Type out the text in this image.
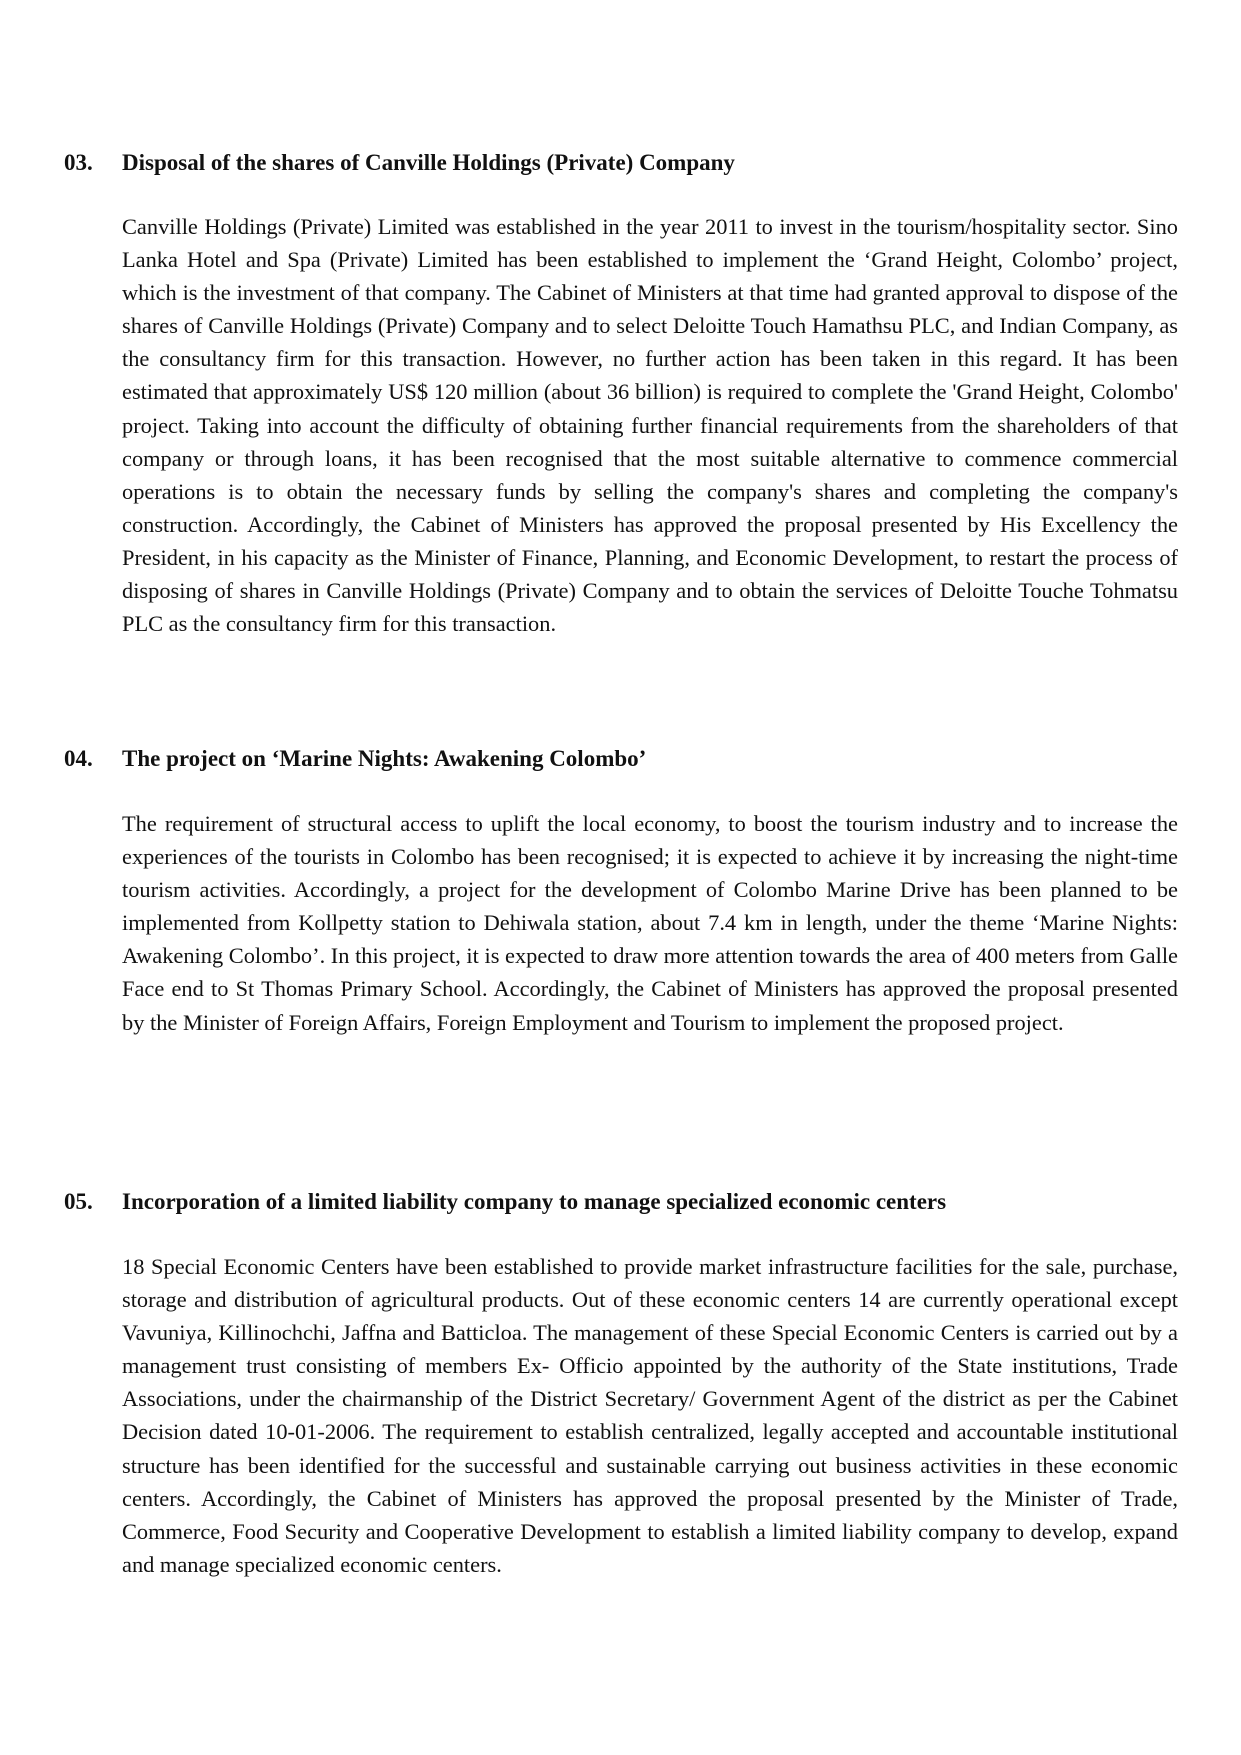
03.	Disposal of the shares of Canville Holdings (Private) Company

Canville Holdings (Private) Limited was established in the year 2011 to invest in the tourism/hospitality sector. Sino Lanka Hotel and Spa (Private) Limited has been established to implement the ‘Grand Height, Colombo’ project, which is the investment of that company. The Cabinet of Ministers at that time had granted approval to dispose of the shares of Canville Holdings (Private) Company and to select Deloitte Touch Hamathsu PLC, and Indian Company, as the consultancy firm for this transaction. However, no further action has been taken in this regard. It has been estimated that approximately US$ 120 million (about 36 billion) is required to complete the 'Grand Height, Colombo' project. Taking into account the difficulty of obtaining further financial requirements from the shareholders of that company or through loans, it has been recognised that the most suitable alternative to commence commercial operations is to obtain the necessary funds by selling the company's shares and completing the company's construction. Accordingly, the Cabinet of Ministers has approved the proposal presented by His Excellency the President, in his capacity as the Minister of Finance, Planning, and Economic Development, to restart the process of disposing of shares in Canville Holdings (Private) Company and to obtain the services of Deloitte Touche Tohmatsu PLC as the consultancy firm for this transaction.

04.	The project on ‘Marine Nights: Awakening Colombo’

The requirement of structural access to uplift the local economy, to boost the tourism industry and to increase the experiences of the tourists in Colombo has been recognised; it is expected to achieve it by increasing the night-time tourism activities. Accordingly, a project for the development of Colombo Marine Drive has been planned to be implemented from Kollpetty station to Dehiwala station, about 7.4 km in length, under the theme ‘Marine Nights: Awakening Colombo’. In this project, it is expected to draw more attention towards the area of 400 meters from Galle Face end to St Thomas Primary School. Accordingly, the Cabinet of Ministers has approved the proposal presented by the Minister of Foreign Affairs, Foreign Employment and Tourism to implement the proposed project.

05.	Incorporation of a limited liability company to manage specialized economic centers

18 Special Economic Centers have been established to provide market infrastructure facilities for the sale, purchase, storage and distribution of agricultural products. Out of these economic centers 14 are currently operational except Vavuniya, Killinochchi, Jaffna and Batticloa. The management of these Special Economic Centers is carried out by a management trust consisting of members Ex- Officio appointed by the authority of the State institutions, Trade Associations, under the chairmanship of the District Secretary/ Government Agent of the district as per the Cabinet Decision dated 10-01-2006. The requirement to establish centralized, legally accepted and accountable institutional structure has been identified for the successful and sustainable carrying out business activities in these economic centers. Accordingly, the Cabinet of Ministers has approved the proposal presented by the Minister of Trade, Commerce, Food Security and Cooperative Development to establish a limited liability company to develop, expand and manage specialized economic centers.
